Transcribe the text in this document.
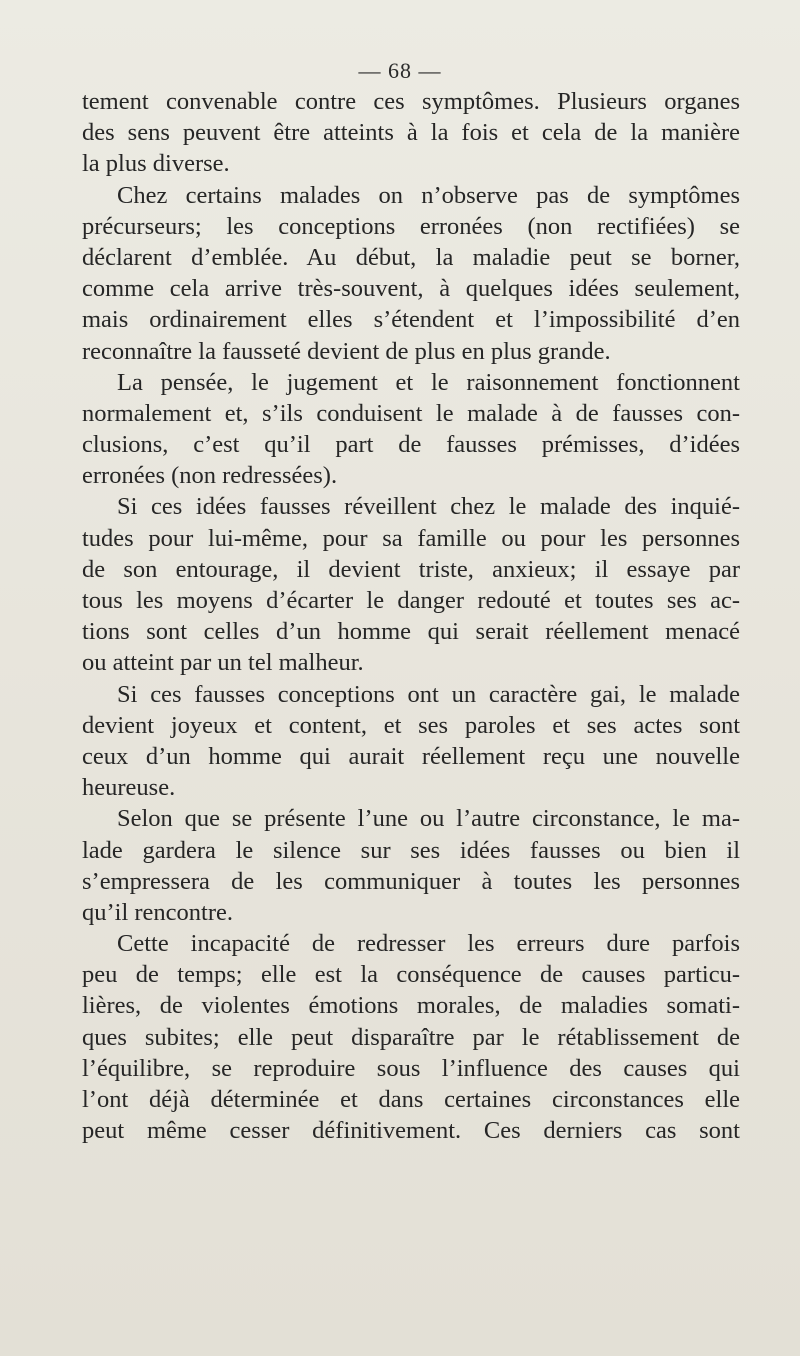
— 68 —
tement convenable contre ces symptômes. Plusieurs organes
des sens peuvent être atteints à la fois et cela de la manière
la plus diverse.
Chez certains malades on n’observe pas de symptômes
précurseurs; les conceptions erronées (non rectifiées) se
déclarent d’emblée. Au début, la maladie peut se borner,
comme cela arrive très-souvent, à quelques idées seulement,
mais ordinairement elles s’étendent et l’impossibilité d’en
reconnaître la fausseté devient de plus en plus grande.
La pensée, le jugement et le raisonnement fonctionnent
normalement et, s’ils conduisent le malade à de fausses con-
clusions, c’est qu’il part de fausses prémisses, d’idées
erronées (non redressées).
Si ces idées fausses réveillent chez le malade des inquié-
tudes pour lui-même, pour sa famille ou pour les personnes
de son entourage, il devient triste, anxieux; il essaye par
tous les moyens d’écarter le danger redouté et toutes ses ac-
tions sont celles d’un homme qui serait réellement menacé
ou atteint par un tel malheur.
Si ces fausses conceptions ont un caractère gai, le malade
devient joyeux et content, et ses paroles et ses actes sont
ceux d’un homme qui aurait réellement reçu une nouvelle
heureuse.
Selon que se présente l’une ou l’autre circonstance, le ma-
lade gardera le silence sur ses idées fausses ou bien il
s’empressera de les communiquer à toutes les personnes
qu’il rencontre.
Cette incapacité de redresser les erreurs dure parfois
peu de temps; elle est la conséquence de causes particu-
lières, de violentes émotions morales, de maladies somati-
ques subites; elle peut disparaître par le rétablissement de
l’équilibre, se reproduire sous l’influence des causes qui
l’ont déjà déterminée et dans certaines circonstances elle
peut même cesser définitivement. Ces derniers cas sont
